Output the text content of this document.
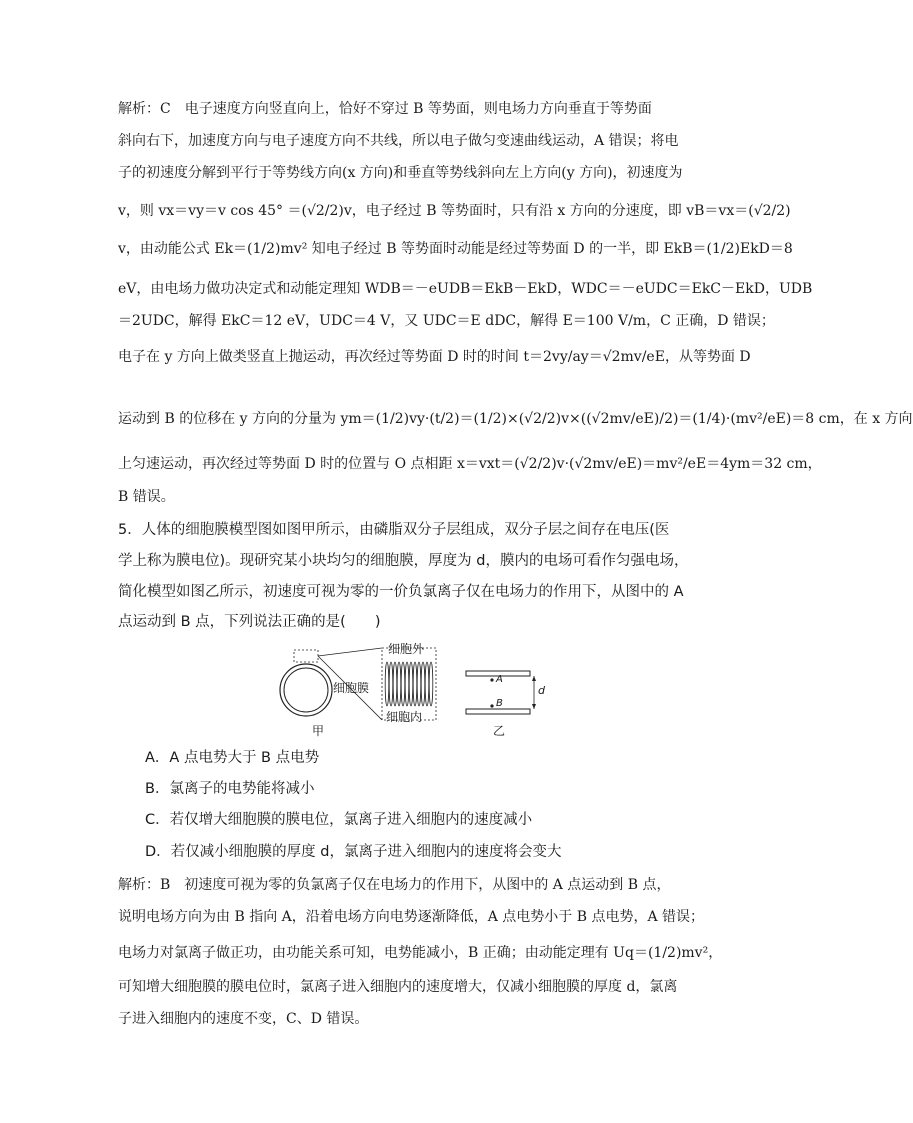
解析：C　电子速度方向竖直向上，恰好不穿过 B 等势面，则电场力方向垂直于等势面
斜向右下，加速度方向与电子速度方向不共线，所以电子做匀变速曲线运动，A 错误；将电
子的初速度分解到平行于等势线方向(x 方向)和垂直等势线斜向左上方向(y 方向)，初速度为
v，则 vx＝vy＝v cos 45° ＝(√2/2)v，电子经过 B 等势面时，只有沿 x 方向的分速度，即 vB＝vx＝(√2/2)
v，由动能公式 Ek＝(1/2)mv² 知电子经过 B 等势面时动能是经过等势面 D 的一半，即 EkB＝(1/2)EkD＝8
eV，由电场力做功决定式和动能定理知 WDB＝－eUDB＝EkB－EkD，WDC＝－eUDC＝EkC－EkD，UDB
＝2UDC，解得 EkC＝12 eV，UDC＝4 V，又 UDC＝E dDC，解得 E＝100 V/m，C 正确，D 错误；
电子在 y 方向上做类竖直上抛运动，再次经过等势面 D 时的时间 t＝2vy/ay＝√2mv/eE，从等势面 D
运动到 B 的位移在 y 方向的分量为 ym＝(1/2)vy·(t/2)＝(1/2)×(√2/2)v×((√2mv/eE)/2)＝(1/4)·(mv²/eE)＝8 cm，在 x 方向
上匀速运动，再次经过等势面 D 时的位置与 O 点相距 x＝vxt＝(√2/2)v·(√2mv/eE)＝mv²/eE＝4ym＝32 cm，
B 错误。
5．人体的细胞膜模型图如图甲所示，由磷脂双分子层组成，双分子层之间存在电压(医
学上称为膜电位)。现研究某小块均匀的细胞膜，厚度为 d，膜内的电场可看作匀强电场，
简化模型如图乙所示，初速度可视为零的一价负氯离子仅在电场力的作用下，从图中的 A
点运动到 B 点，下列说法正确的是(　　)
细胞外
细胞膜
细胞内
甲	乙
A
B
d
A．A 点电势大于 B 点电势
B．氯离子的电势能将减小
C．若仅增大细胞膜的膜电位，氯离子进入细胞内的速度减小
D．若仅减小细胞膜的厚度 d，氯离子进入细胞内的速度将会变大
解析：B　初速度可视为零的负氯离子仅在电场力的作用下，从图中的 A 点运动到 B 点，
说明电场方向为由 B 指向 A，沿着电场方向电势逐渐降低，A 点电势小于 B 点电势，A 错误；
电场力对氯离子做正功，由功能关系可知，电势能减小，B 正确；由动能定理有 Uq＝(1/2)mv²，
可知增大细胞膜的膜电位时，氯离子进入细胞内的速度增大，仅减小细胞膜的厚度 d，氯离
子进入细胞内的速度不变，C、D 错误。
